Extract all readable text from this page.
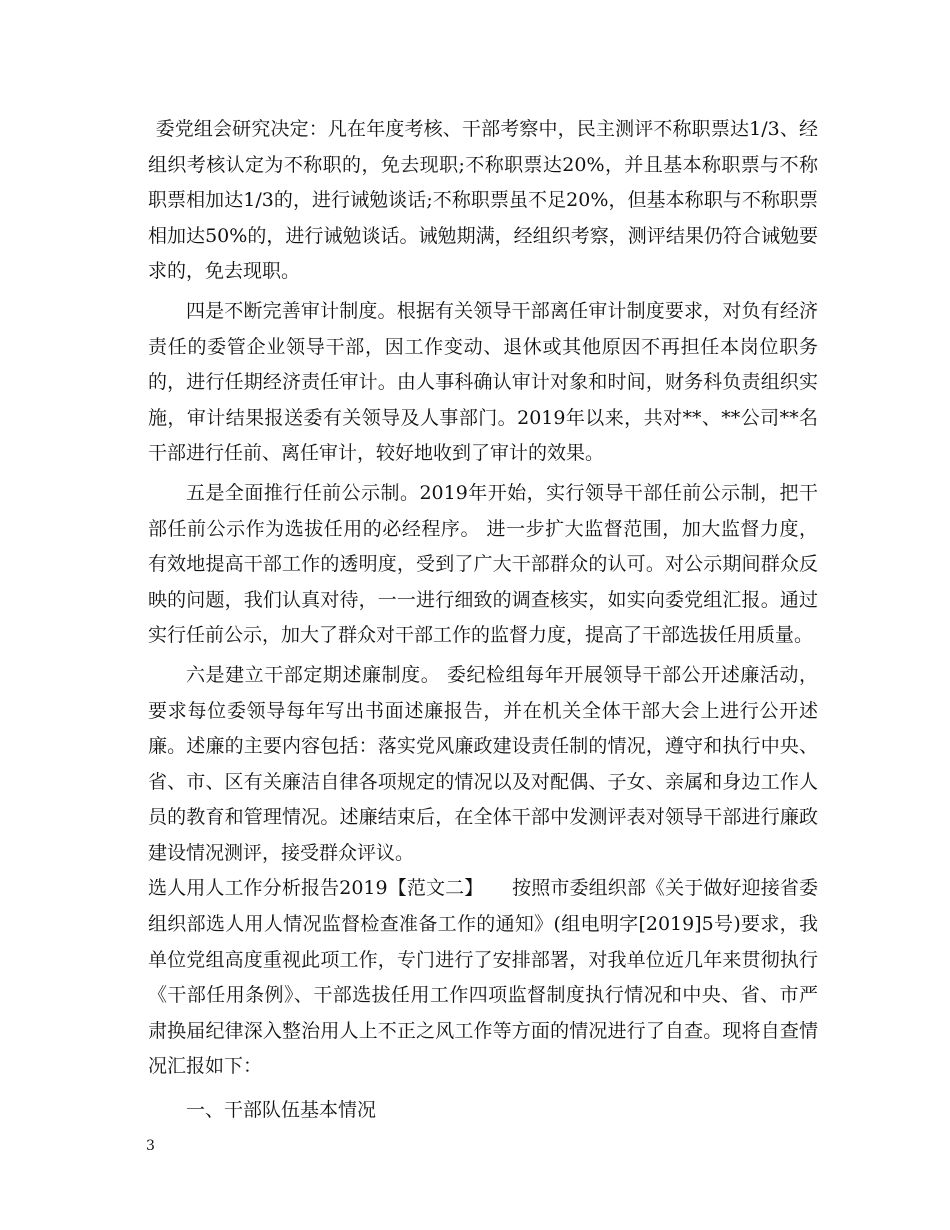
委党组会研究决定：凡在年度考核、干部考察中，民主测评不称职票达1/3、经组织考核认定为不称职的，免去现职;不称职票达20%，并且基本称职票与不称职票相加达1/3的，进行诫勉谈话;不称职票虽不足20%，但基本称职与不称职票相加达50%的，进行诫勉谈话。诫勉期满，经组织考察，测评结果仍符合诫勉要求的，免去现职。

四是不断完善审计制度。根据有关领导干部离任审计制度要求，对负有经济责任的委管企业领导干部，因工作变动、退休或其他原因不再担任本岗位职务的，进行任期经济责任审计。由人事科确认审计对象和时间，财务科负责组织实施，审计结果报送委有关领导及人事部门。2019年以来，共对**、**公司**名干部进行任前、离任审计，较好地收到了审计的效果。

五是全面推行任前公示制。2019年开始，实行领导干部任前公示制，把干部任前公示作为选拔任用的必经程序。 进一步扩大监督范围，加大监督力度，有效地提高干部工作的透明度，受到了广大干部群众的认可。对公示期间群众反映的问题，我们认真对待，一一进行细致的调查核实，如实向委党组汇报。通过实行任前公示，加大了群众对干部工作的监督力度，提高了干部选拔任用质量。

六是建立干部定期述廉制度。 委纪检组每年开展领导干部公开述廉活动，要求每位委领导每年写出书面述廉报告，并在机关全体干部大会上进行公开述廉。述廉的主要内容包括：落实党风廉政建设责任制的情况，遵守和执行中央、省、市、区有关廉洁自律各项规定的情况以及对配偶、子女、亲属和身边工作人员的教育和管理情况。述廉结束后，在全体干部中发测评表对领导干部进行廉政建设情况测评，接受群众评议。

选人用人工作分析报告2019【范文二】　　按照市委组织部《关于做好迎接省委组织部选人用人情况监督检查准备工作的通知》(组电明字[2019]5号)要求，我单位党组高度重视此项工作，专门进行了安排部署，对我单位近几年来贯彻执行《干部任用条例》、干部选拔任用工作四项监督制度执行情况和中央、省、市严肃换届纪律深入整治用人上不正之风工作等方面的情况进行了自查。现将自查情况汇报如下：

一、干部队伍基本情况

3
